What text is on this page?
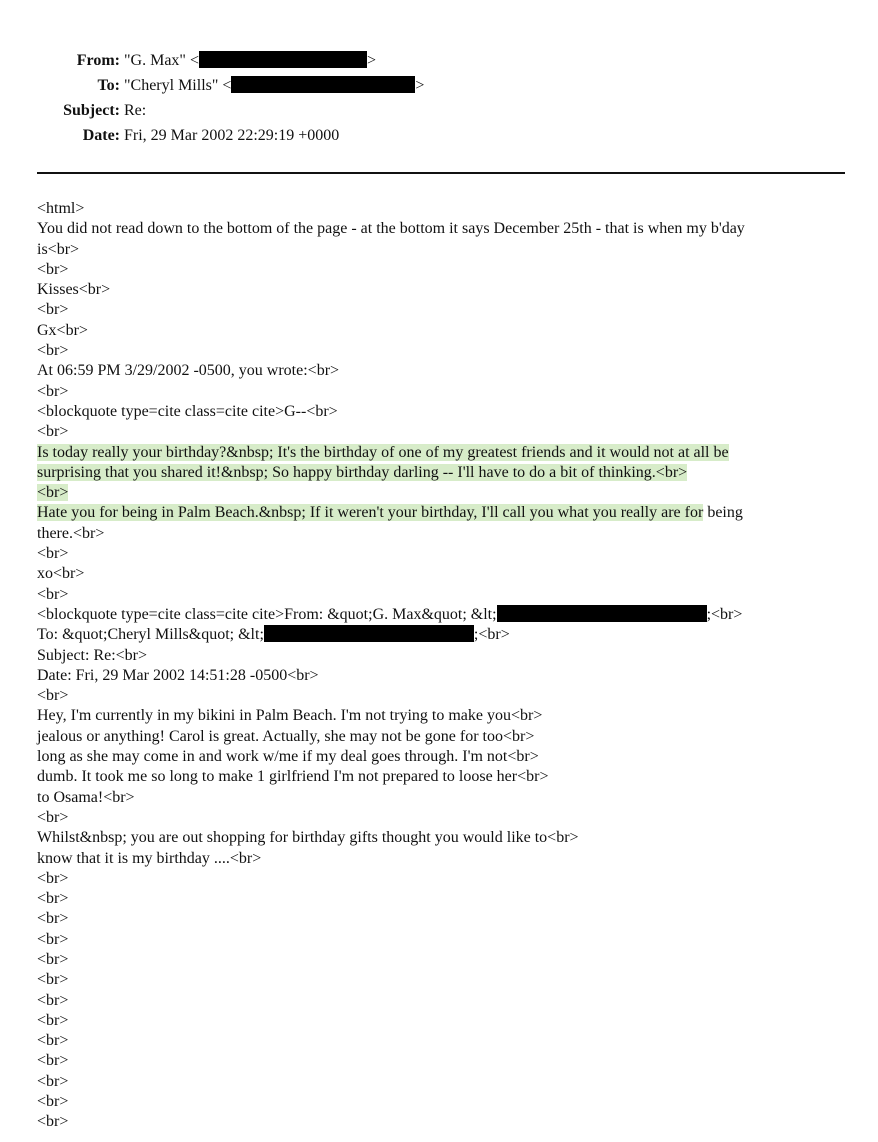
From: "G. Max" <	>
To: "Cheryl Mills" <	>
Subject: Re:
Date: Fri, 29 Mar 2002 22:29:19 +0000
<html>
You did not read down to the bottom of the page - at the bottom it says December 25th - that is when my b'day
is<br>
<br>
Kisses<br>
<br>
Gx<br>
<br>
At 06:59 PM 3/29/2002 -0500, you wrote:<br>
<br>
<blockquote type=cite class=cite cite>G--<br>
<br>
Is today really your birthday?&nbsp; It's the birthday of one of my greatest friends and it would not at all be
surprising that you shared it!&nbsp; So happy birthday darling -- I'll have to do a bit of thinking.<br>
<br>
Hate you for being in Palm Beach.&nbsp; If it weren't your birthday, I'll call you what you really are for being
there.<br>
<br>
xo<br>
<br>
<blockquote type=cite class=cite cite>From: &quot;G. Max&quot; &lt;	;<br>
To: &quot;Cheryl Mills&quot; &lt;	;<br>
Subject: Re:<br>
Date: Fri, 29 Mar 2002 14:51:28 -0500<br>
<br>
Hey, I'm currently in my bikini in Palm Beach. I'm not trying to make you<br>
jealous or anything! Carol is great. Actually, she may not be gone for too<br>
long as she may come in and work w/me if my deal goes through. I'm not<br>
dumb. It took me so long to make 1 girlfriend I'm not prepared to loose her<br>
to Osama!<br>
<br>
Whilst&nbsp; you are out shopping for birthday gifts thought you would like to<br>
know that it is my birthday ....<br>
<br>
<br>
<br>
<br>
<br>
<br>
<br>
<br>
<br>
<br>
<br>
<br>
<br>
